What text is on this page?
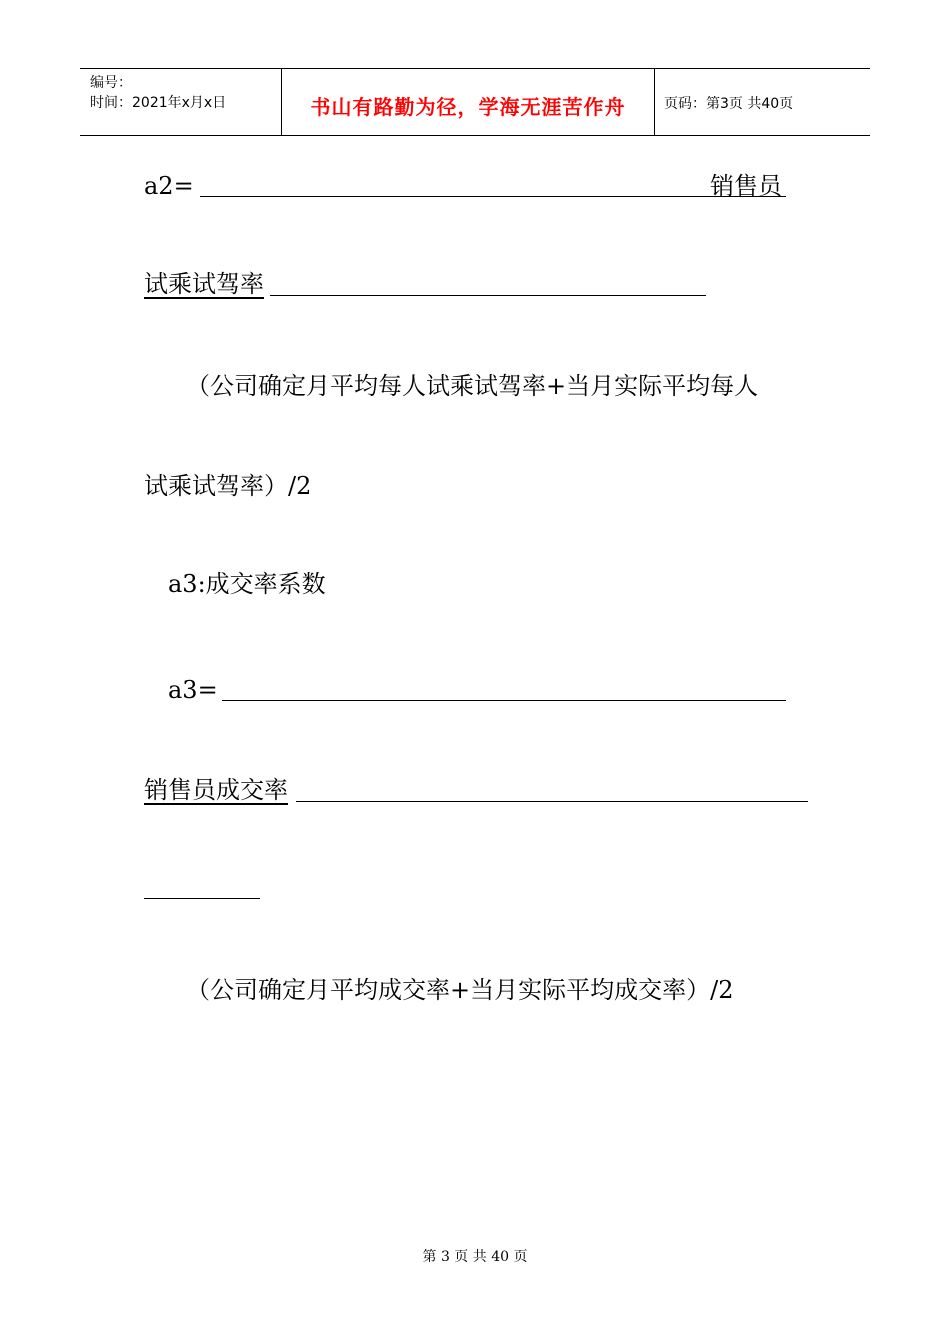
编号：
时间：2021年x月x日	书山有路勤为径，学海无涯苦作舟	页码：第3页 共40页
a2=	销售员
试乘试驾率
（公司确定月平均每人试乘试驾率+当月实际平均每人
试乘试驾率）/2
a3:成交率系数
a3=
销售员成交率
（公司确定月平均成交率+当月实际平均成交率）/2
第 3 页 共 40 页
